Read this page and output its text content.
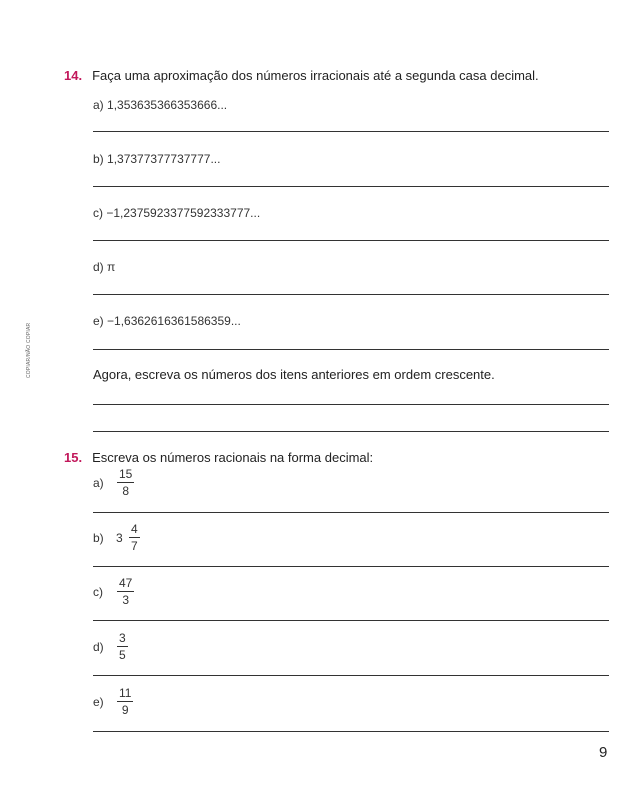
COPIAR/NÃO COPIAR
14. Faça uma aproximação dos números irracionais até a segunda casa decimal.
a) 1,353635366353666...
b) 1,37377377737777...
c) −1,2375923377592333777...
d) π
e) −1,6362616361586359...
Agora, escreva os números dos itens anteriores em ordem crescente.
15. Escreva os números racionais na forma decimal:
a)
15
8
b) 3
4
7
c)
47
3
d)
3
5
e)
11
9
9
